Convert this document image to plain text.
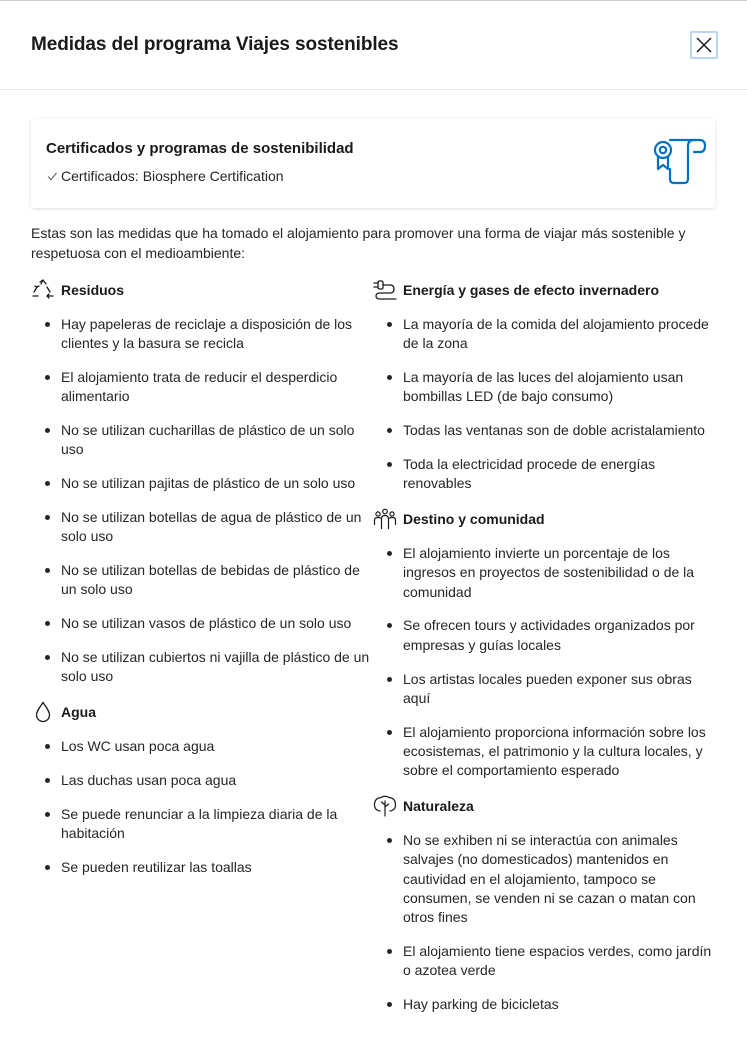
Medidas del programa Viajes sostenibles
Certificados y programas de sostenibilidad
Certificados: Biosphere Certification
Estas son las medidas que ha tomado el alojamiento para promover una forma de viajar más sostenible y respetuosa con el medioambiente:
Residuos
Hay papeleras de reciclaje a disposición de los clientes y la basura se recicla
El alojamiento trata de reducir el desperdicio alimentario
No se utilizan cucharillas de plástico de un solo uso
No se utilizan pajitas de plástico de un solo uso
No se utilizan botellas de agua de plástico de un solo uso
No se utilizan botellas de bebidas de plástico de un solo uso
No se utilizan vasos de plástico de un solo uso
No se utilizan cubiertos ni vajilla de plástico de un solo uso
Agua
Los WC usan poca agua
Las duchas usan poca agua
Se puede renunciar a la limpieza diaria de la habitación
Se pueden reutilizar las toallas
Energía y gases de efecto invernadero
La mayoría de la comida del alojamiento procede de la zona
La mayoría de las luces del alojamiento usan bombillas LED (de bajo consumo)
Todas las ventanas son de doble acristalamiento
Toda la electricidad procede de energías renovables
Destino y comunidad
El alojamiento invierte un porcentaje de los ingresos en proyectos de sostenibilidad o de la comunidad
Se ofrecen tours y actividades organizados por empresas y guías locales
Los artistas locales pueden exponer sus obras aquí
El alojamiento proporciona información sobre los ecosistemas, el patrimonio y la cultura locales, y sobre el comportamiento esperado
Naturaleza
No se exhiben ni se interactúa con animales salvajes (no domesticados) mantenidos en cautividad en el alojamiento, tampoco se consumen, se venden ni se cazan o matan con otros fines
El alojamiento tiene espacios verdes, como jardín o azotea verde
Hay parking de bicicletas
